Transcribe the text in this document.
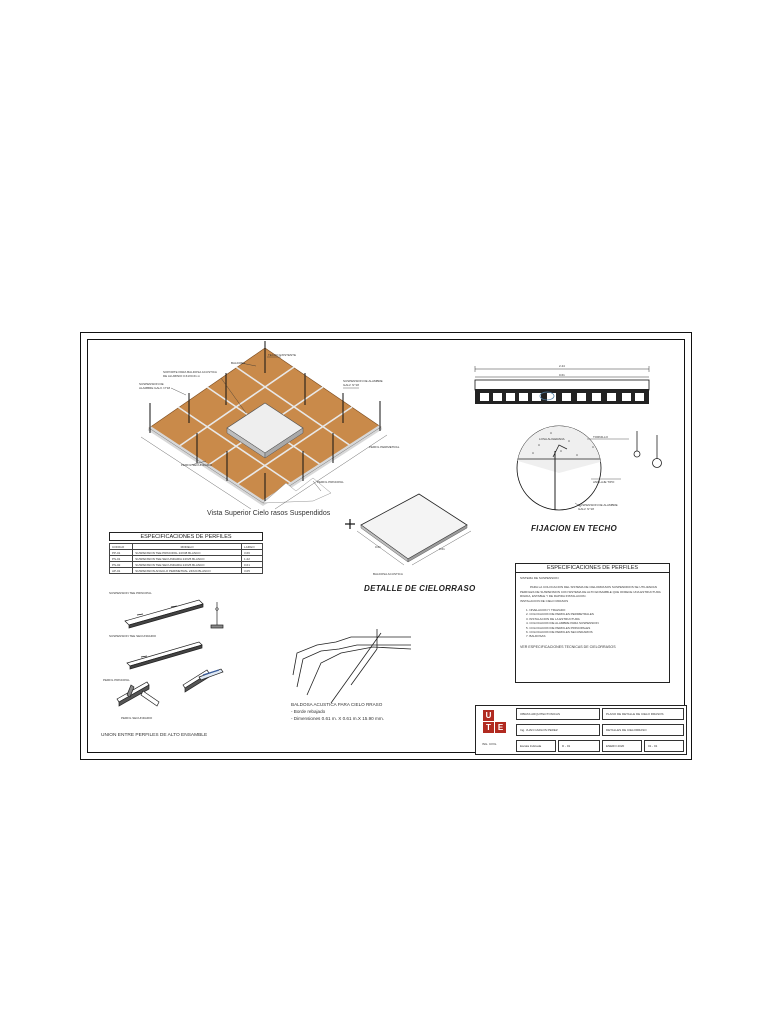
TECHO EXISTENTE
BALDOSA
SOPORTE PARA BALDOSA ACUSTICA DE ALUMINIO 0.61X0.61 m
SUSPENSION DE ALAMBRE GALV. N°18
SUSPENSION DE ALAMBRE GALV. N°18
PERFIL PERIMETRAL
PERFIL SECUNDARIO
PERFIL PRINCIPAL
Vista Superior Cielo rasos Suspendidos
2.44
0.61
TORNILLO
ANCLAJE TIPO
SUSPENSION DE ALAMBRE GALV. N°18
LOSA ALIGERADA
FIJACION EN TECHO
0.61	0.61
BALDOSA ACUSTICA
DETALLE DE CIELORRASO
ESPECIFICACIONES DE PERFILES
CODIGO	MODELO	LARGO
PP-01	SUSPENSION TEE PRINCIPAL 24X38 BLANCO	3.66
PS-01	SUSPENSION TEE SECUNDARIA 24X25 BLANCO	1.22
PS-02	SUSPENSION TEE SECUNDARIA 24X25 BLANCO	0.61
AP-01	SUSPENSION ANGULO PERIMETRAL 24X24 BLANCO	3.05
SUSPENSION TEE PRINCIPAL
SUSPENSION TEE SECUNDARIO
PERFIL PRINCIPAL
PERFIL SECUNDARIO
UNION ENTRE PERFILES DE ALTO ENSAMBLE
BALDOSA ACUSTICA PARA CIELO RRASO
- Borde rebajado
- Dimensiones 0.61 m. X 0.61 m.X 15.90 mm.
ESPECIFICACIONES DE PERFILES
SISTEMA DE SUSPENSION
PARA LA COLOCACION DEL SISTEMA DE CIELORRASOS SUSPENDIDOS SE UTILIZARAN PERFILES DE SUSPENSION CON SISTEMA DE ALTO ENSAMBLE QUE OFRECE UNA ESTRUCTURA RIGIDA, ESTABLE Y DE RAPIDA INSTALACION.
INSTALACION DE CIELO RRASOS
1. NIVELACION Y TRAZADO
2. COLOCACION DE PERFILES PERIMETRALES
3. INSTALACION DE LA ESTRUCTURA
4. COLOCACION DE ALAMBRE PARA SUSPENSION
5. COLOCACION DE PERFILES PRINCIPALES
6. COLOCACION DE PERFILES SECUNDARIOS
7. BALDOSAS
VER ESPECIFICACIONES TECNICAS DE CIELORRASOS
U
T E
ING. CIVIL
OBRAS ARQUITECTONICAS	PLANO DE DETALLE DE CIELO RRASOS
Ing. JUAN CARLOS PEREZ	DETALLES DE CIELORRASO
Escala Indicada	D - 01	ENERO 2020	01 - 01
